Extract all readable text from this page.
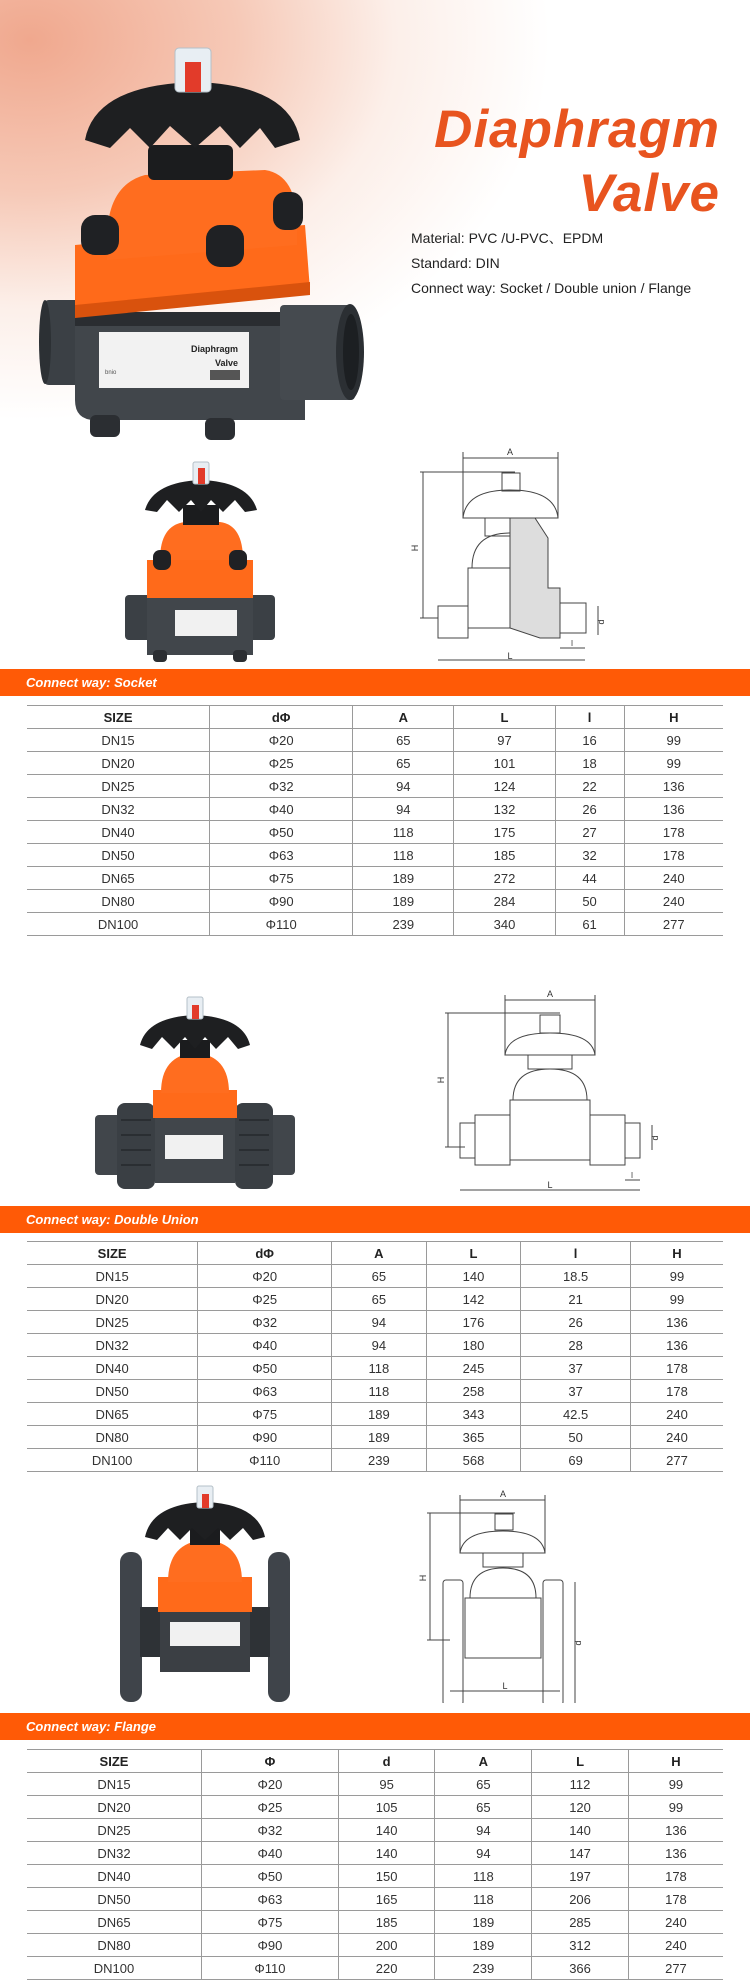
Diaphragm
Valve
bnio
Diaphragm
Valve
Material: PVC /U-PVC、EPDM
Standard: DIN
Connect way: Socket / Double union / Flange
A
H
L
d
l
Connect way: Socket
SIZE	dΦ	A	L	l	H
DN15	Φ20	65	97	16	99
DN20	Φ25	65	101	18	99
DN25	Φ32	94	124	22	136
DN32	Φ40	94	132	26	136
DN40	Φ50	118	175	27	178
DN50	Φ63	118	185	32	178
DN65	Φ75	189	272	44	240
DN80	Φ90	189	284	50	240
DN100	Φ110	239	340	61	277
A
H
L
d
l
Connect way: Double Union
SIZE	dΦ	A	L	l	H
DN15	Φ20	65	140	18.5	99
DN20	Φ25	65	142	21	99
DN25	Φ32	94	176	26	136
DN32	Φ40	94	180	28	136
DN40	Φ50	118	245	37	178
DN50	Φ63	118	258	37	178
DN65	Φ75	189	343	42.5	240
DN80	Φ90	189	365	50	240
DN100	Φ110	239	568	69	277
A
H
L
d
Connect way: Flange
SIZE	Φ	d	A	L	H
DN15	Φ20	95	65	112	99
DN20	Φ25	105	65	120	99
DN25	Φ32	140	94	140	136
DN32	Φ40	140	94	147	136
DN40	Φ50	150	118	197	178
DN50	Φ63	165	118	206	178
DN65	Φ75	185	189	285	240
DN80	Φ90	200	189	312	240
DN100	Φ110	220	239	366	277
